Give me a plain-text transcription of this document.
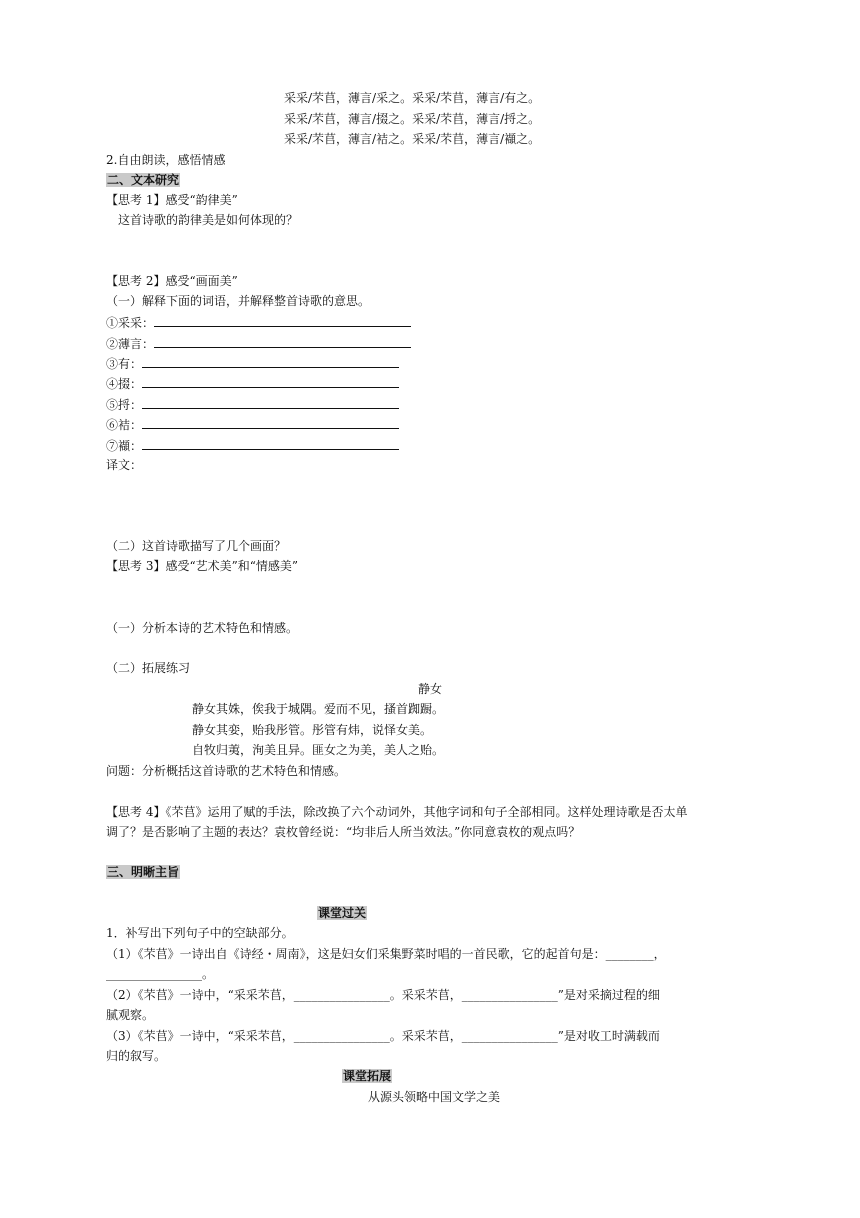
采采/芣苢，薄言/采之。采采/芣苢，薄言/有之。
采采/芣苢，薄言/掇之。采采/芣苢，薄言/捋之。
采采/芣苢，薄言/袺之。采采/芣苢，薄言/襭之。
2.自由朗读，感悟情感
二、文本研究
【思考 1】感受“韵律美”
这首诗歌的韵律美是如何体现的？
【思考 2】感受“画面美”
（一）解释下面的词语，并解释整首诗歌的意思。
①采采：
②薄言：
③有：
④掇：
⑤捋：
⑥袺：
⑦襭：
译文：
（二）这首诗歌描写了几个画面？
【思考 3】感受“艺术美”和“情感美”
（一）分析本诗的艺术特色和情感。
（二）拓展练习
静女
静女其姝，俟我于城隅。爱而不见，搔首踟蹰。
静女其娈，贻我彤管。彤管有炜，说怿女美。
自牧归荑，洵美且异。匪女之为美，美人之贻。
问题：分析概括这首诗歌的艺术特色和情感。
【思考 4】《芣苢》运用了赋的手法，除改换了六个动词外，其他字词和句子全部相同。这样处理诗歌是否太单
调了？是否影响了主题的表达？袁枚曾经说：“均非后人所当效法。”你同意袁枚的观点吗？
三、明晰主旨
课堂过关
1．补写出下列句子中的空缺部分。
（1）《芣苢》一诗出自《诗经・周南》，这是妇女们采集野菜时唱的一首民歌，它的起首句是：________，
________________。
（2）《芣苢》一诗中，“采采芣苢，________________。采采芣苢，________________”是对采摘过程的细
腻观察。
（3）《芣苢》一诗中，“采采芣苢，________________。采采芣苢，________________”是对收工时满载而
归的叙写。
课堂拓展
从源头领略中国文学之美
